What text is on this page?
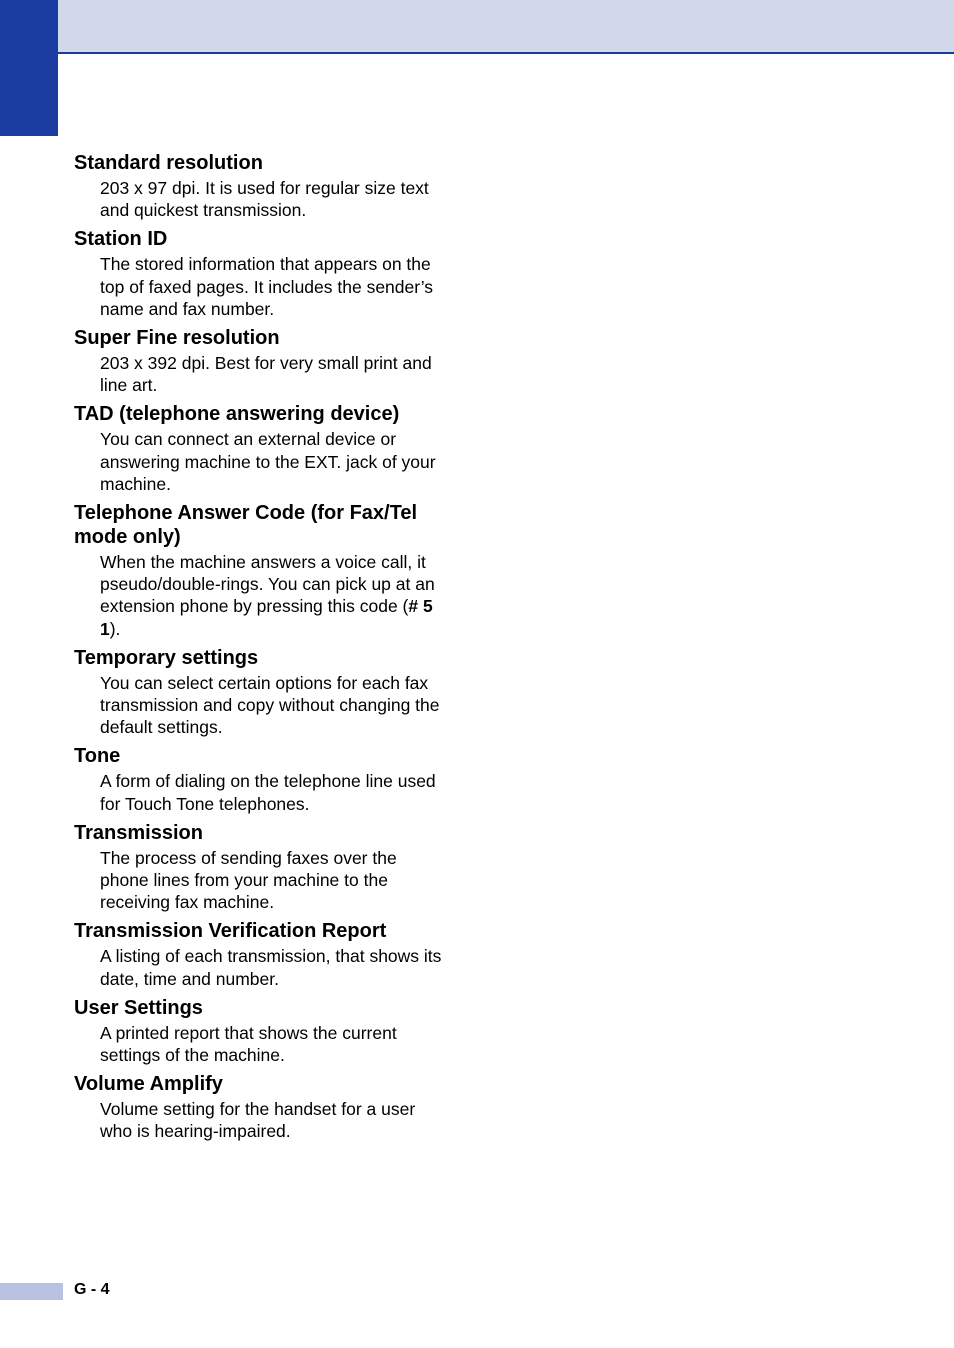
Standard resolution

203 x 97 dpi. It is used for regular size text and quickest transmission.

Station ID

The stored information that appears on the top of faxed pages. It includes the sender’s name and fax number.

Super Fine resolution

203 x 392 dpi. Best for very small print and line art.

TAD (telephone answering device)

You can connect an external device or answering machine to the EXT. jack of your machine.

Telephone Answer Code (for Fax/Tel mode only)

When the machine answers a voice call, it pseudo/double-rings. You can pick up at an extension phone by pressing this code (# 5 1).

Temporary settings

You can select certain options for each fax transmission and copy without changing the default settings.

Tone

A form of dialing on the telephone line used for Touch Tone telephones.

Transmission

The process of sending faxes over the phone lines from your machine to the receiving fax machine.

Transmission Verification Report

A listing of each transmission, that shows its date, time and number.

User Settings

A printed report that shows the current settings of the machine.

Volume Amplify

Volume setting for the handset for a user who is hearing-impaired.

G - 4
